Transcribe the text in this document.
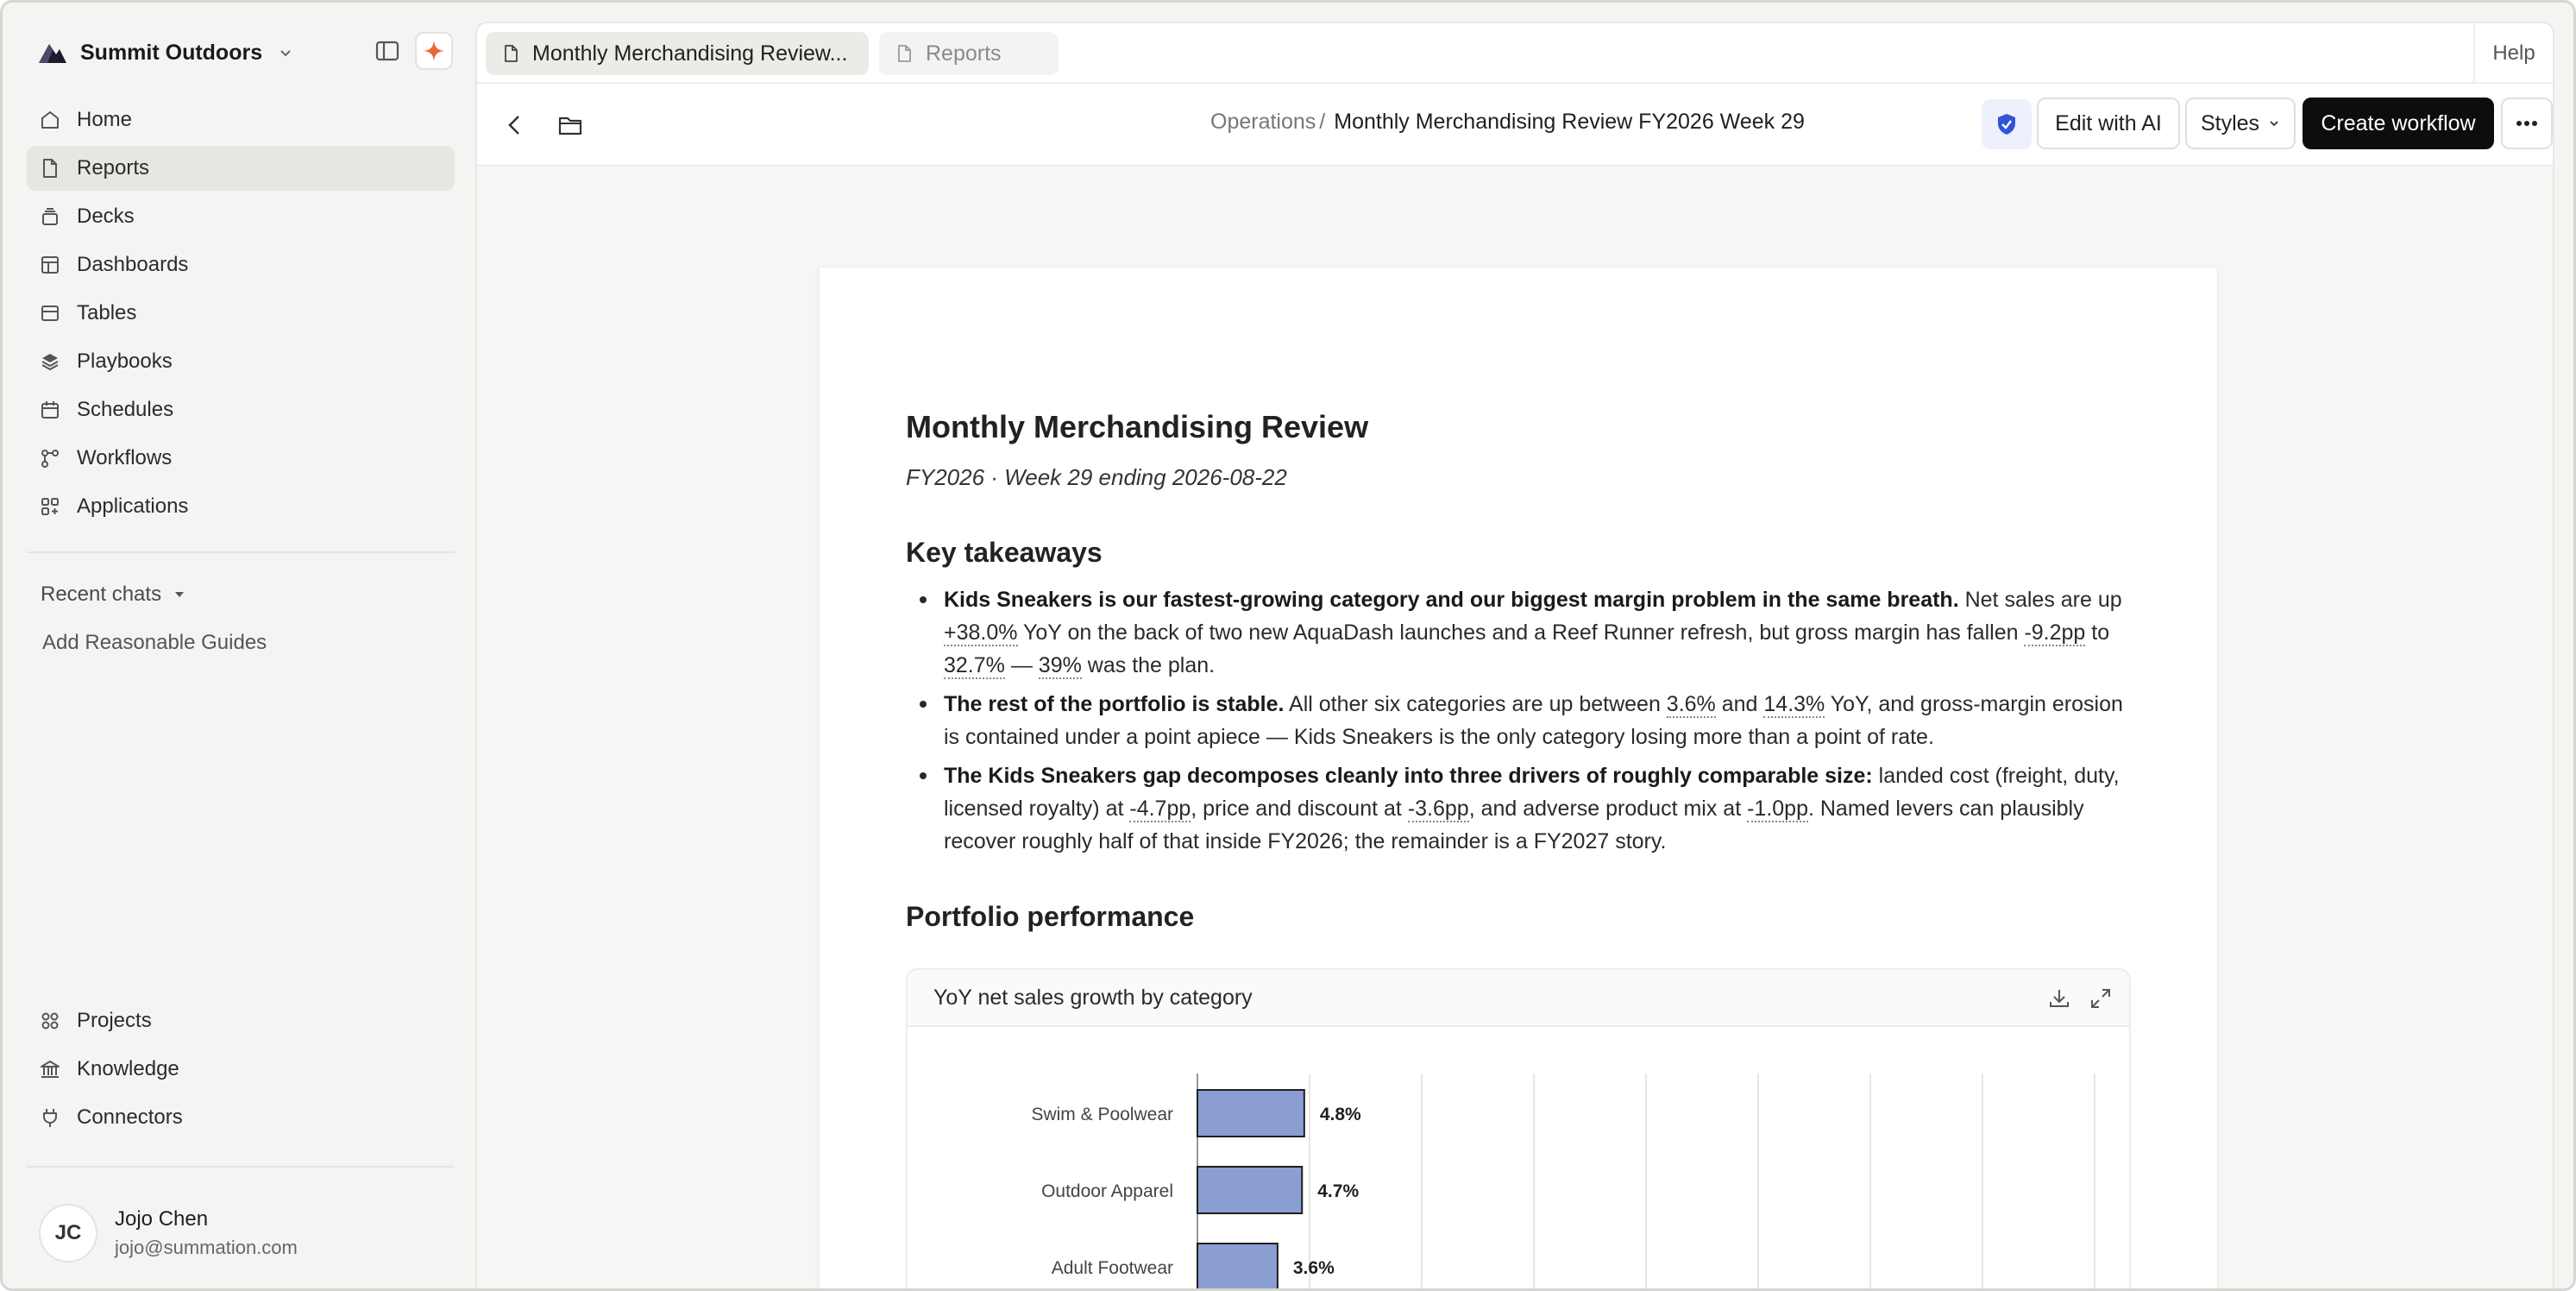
Summit Outdoors
Home
Reports
Decks
Dashboards
Tables
Playbooks
Schedules
Workflows
Applications
Recent chats
Add Reasonable Guides
Projects
Knowledge
Connectors
JC
Jojo Chen
jojo@summation.com
Monthly Merchandising Review...	Reports	Help
Operations / Monthly Merchandising Review FY2026 Week 29	Edit with AI	Styles	Create workflow
Monthly Merchandising Review
FY2026 · Week 29 ending 2026-08-22
Key takeaways
Kids Sneakers is our fastest-growing category and our biggest margin problem in the same breath. Net sales are up +38.0% YoY on the back of two new AquaDash launches and a Reef Runner refresh, but gross margin has fallen -9.2pp to 32.7% — 39% was the plan.
The rest of the portfolio is stable. All other six categories are up between 3.6% and 14.3% YoY, and gross-margin erosion is contained under a point apiece — Kids Sneakers is the only category losing more than a point of rate.
The Kids Sneakers gap decomposes cleanly into three drivers of roughly comparable size: landed cost (freight, duty, licensed royalty) at -4.7pp, price and discount at -3.6pp, and adverse product mix at -1.0pp. Named levers can plausibly recover roughly half of that inside FY2026; the remainder is a FY2027 story.
Portfolio performance
YoY net sales growth by category
Swim & Poolwear	4.8%
Outdoor Apparel	4.7%
Adult Footwear	3.6%
